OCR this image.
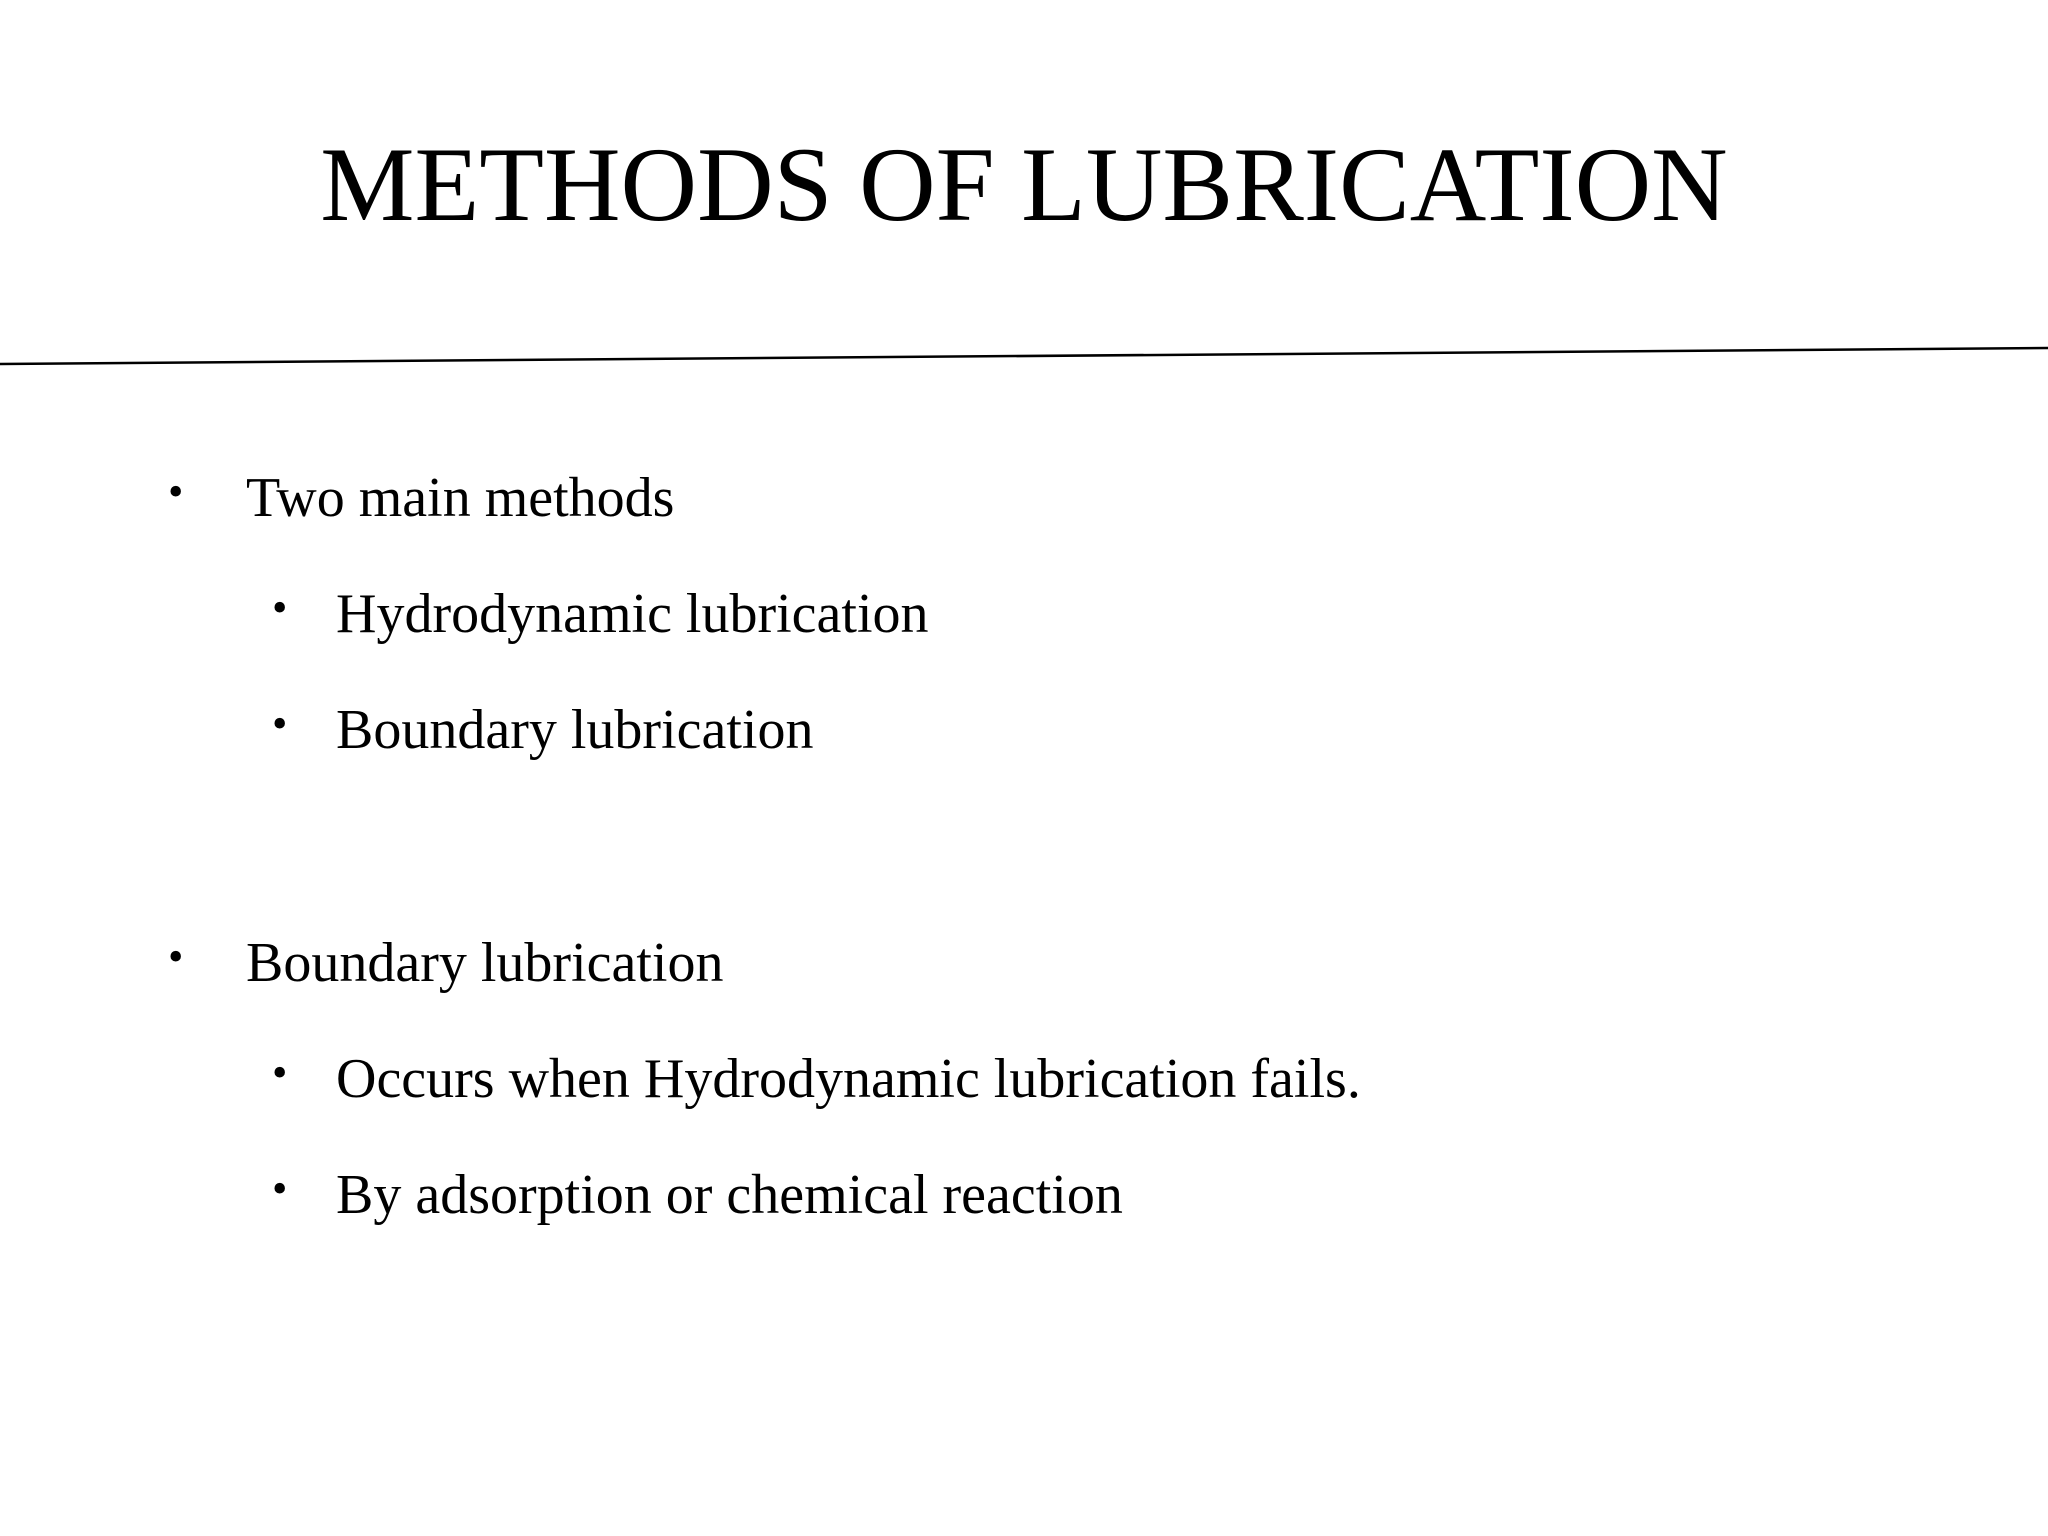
METHODS OF LUBRICATION
• Two main methods
• Hydrodynamic lubrication
• Boundary lubrication
• Boundary lubrication
• Occurs when Hydrodynamic lubrication fails.
• By adsorption or chemical reaction
